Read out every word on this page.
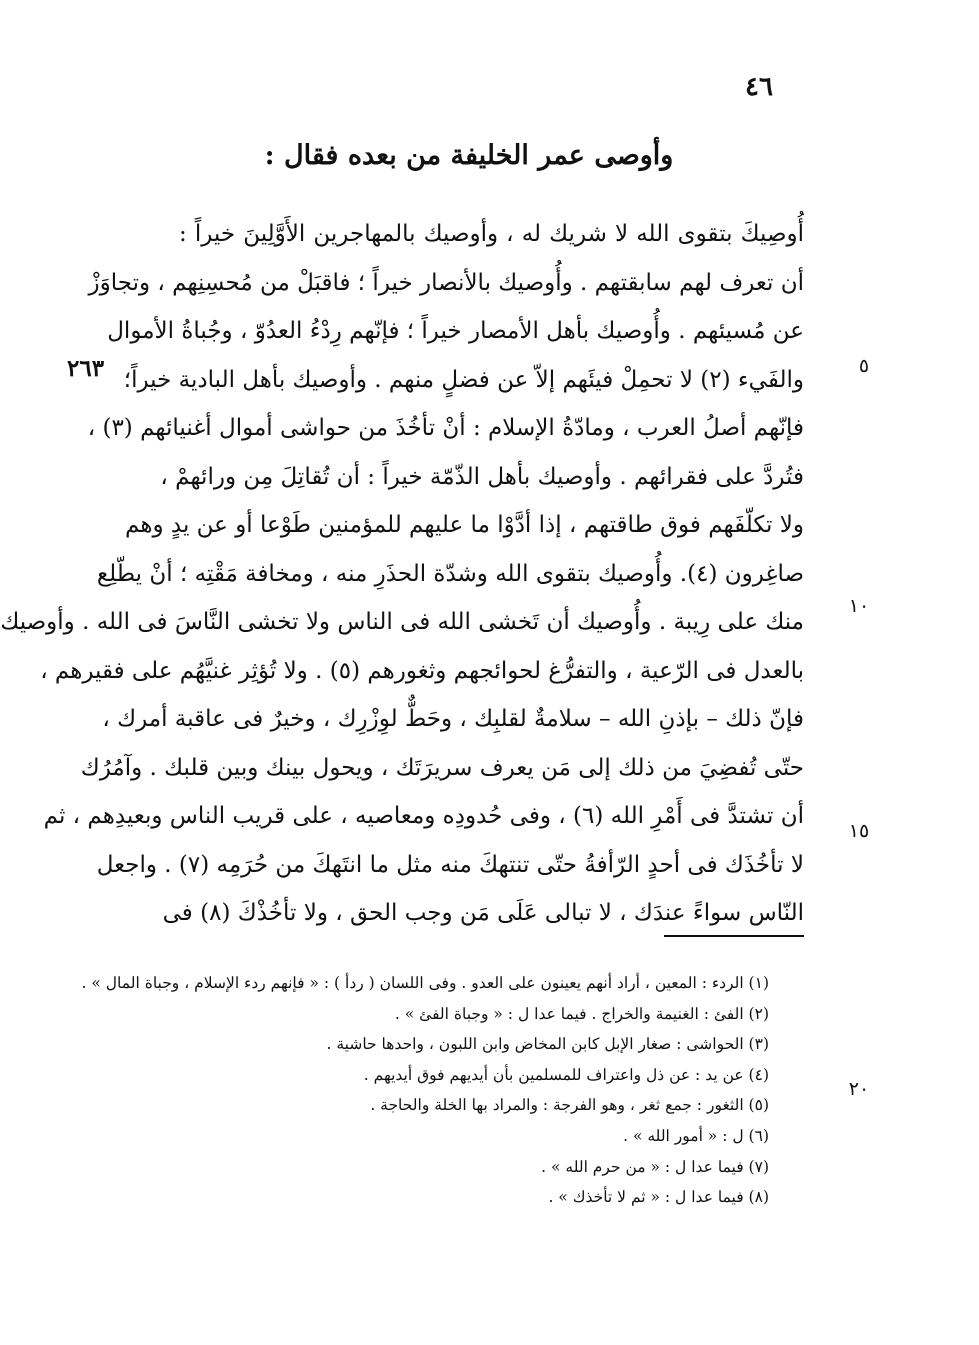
٤٦
وأوصى عمر الخليفة من بعده فقال :
٢٦٣	٥
١٠
١٥
٢٠
أُوصِيكَ بتقوى الله لا شريك له ، وأوصيك بالمهاجرين الأَوَّلِينَ خيراً :
أن تعرف لهم سابقتهم . وأُوصيك بالأنصار خيراً ؛ فاقبَلْ من مُحسِنِهم ، وتجاوَزْ
عن مُسيئهم . وأُوصيك بأهل الأمصار خيراً ؛ فإنّهم رِدْءُ العدُوّ ، وجُباةُ الأموال
والفَيء (٢) لا تحمِلْ فيئَهم إلاّ عن فضلٍ منهم . وأوصيك بأهل البادية خيراً؛
فإنّهم أصلُ العرب ، ومادّةُ الإسلام : أنْ تأخُذَ من حواشى أموال أغنيائهم (٣) ،
فتُردَّ على فقرائهم . وأوصيك بأهل الذّمّة خيراً : أن تُقاتِلَ مِن ورائهمْ ،
ولا تكلّفَهم فوق طاقتهم ، إذا أدَّوْا ما عليهم للمؤمنين طَوْعا أو عن يدٍ وهم
صاغِرون (٤). وأُوصيك بتقوى الله وشدّة الحذَرِ منه ، ومخافة مَقْتِه ؛ أنْ يطّلِع
منك على رِيبة . وأُوصيك أن تَخشى الله فى الناس ولا تخشى النَّاسَ فى الله . وأوصيك
بالعدل فى الرّعية ، والتفرُّغ لحوائجهم وثغورهم (٥) . ولا تُؤثِر غنيَّهُم على فقيرهم ،
فإنّ ذلك – بإذنِ الله – سلامةٌ لقلبِك ، وحَطٌّ لوِزْرِك ، وخيرٌ فى عاقبة أمرك ،
حتّى تُفضِيَ من ذلك إلى مَن يعرف سريرَتَك ، ويحول بينك وبين قلبك . وآمُرُك
أن تشتدَّ فى أَمْرِ الله (٦) ، وفى حُدودِه ومعاصيه ، على قريب الناس وبعيدِهم ، ثم
لا تأخُذَك فى أحدٍ الرّأفةُ حتّى تنتهكَ منه مثل ما انتَهكَ من حُرَمِه (٧) . واجعل
النّاس سواءً عندَك ، لا تبالى عَلَى مَن وجب الحق ، ولا تأخُذْكَ (٨) فى
(١) الردء : المعين ، أراد أنهم يعينون على العدو . وفى اللسان ( ردأ ) : « فإنهم ردء الإسلام ، وجباة المال » .
(٢) الفئ : الغنيمة والخراج . فيما عدا ل : « وجباة الفئ » .
(٣) الحواشى : صغار الإبل كابن المخاض وابن اللبون ، واحدها حاشية .
(٤) عن يد : عن ذل واعتراف للمسلمين بأن أيديهم فوق أيديهم .
(٥) الثغور : جمع ثغر ، وهو الفرجة : والمراد بها الخلة والحاجة .
(٦) ل : « أمور الله » .
(٧) فيما عدا ل : « من حرم الله » .
(٨) فيما عدا ل : « ثم لا تأخذك » .
